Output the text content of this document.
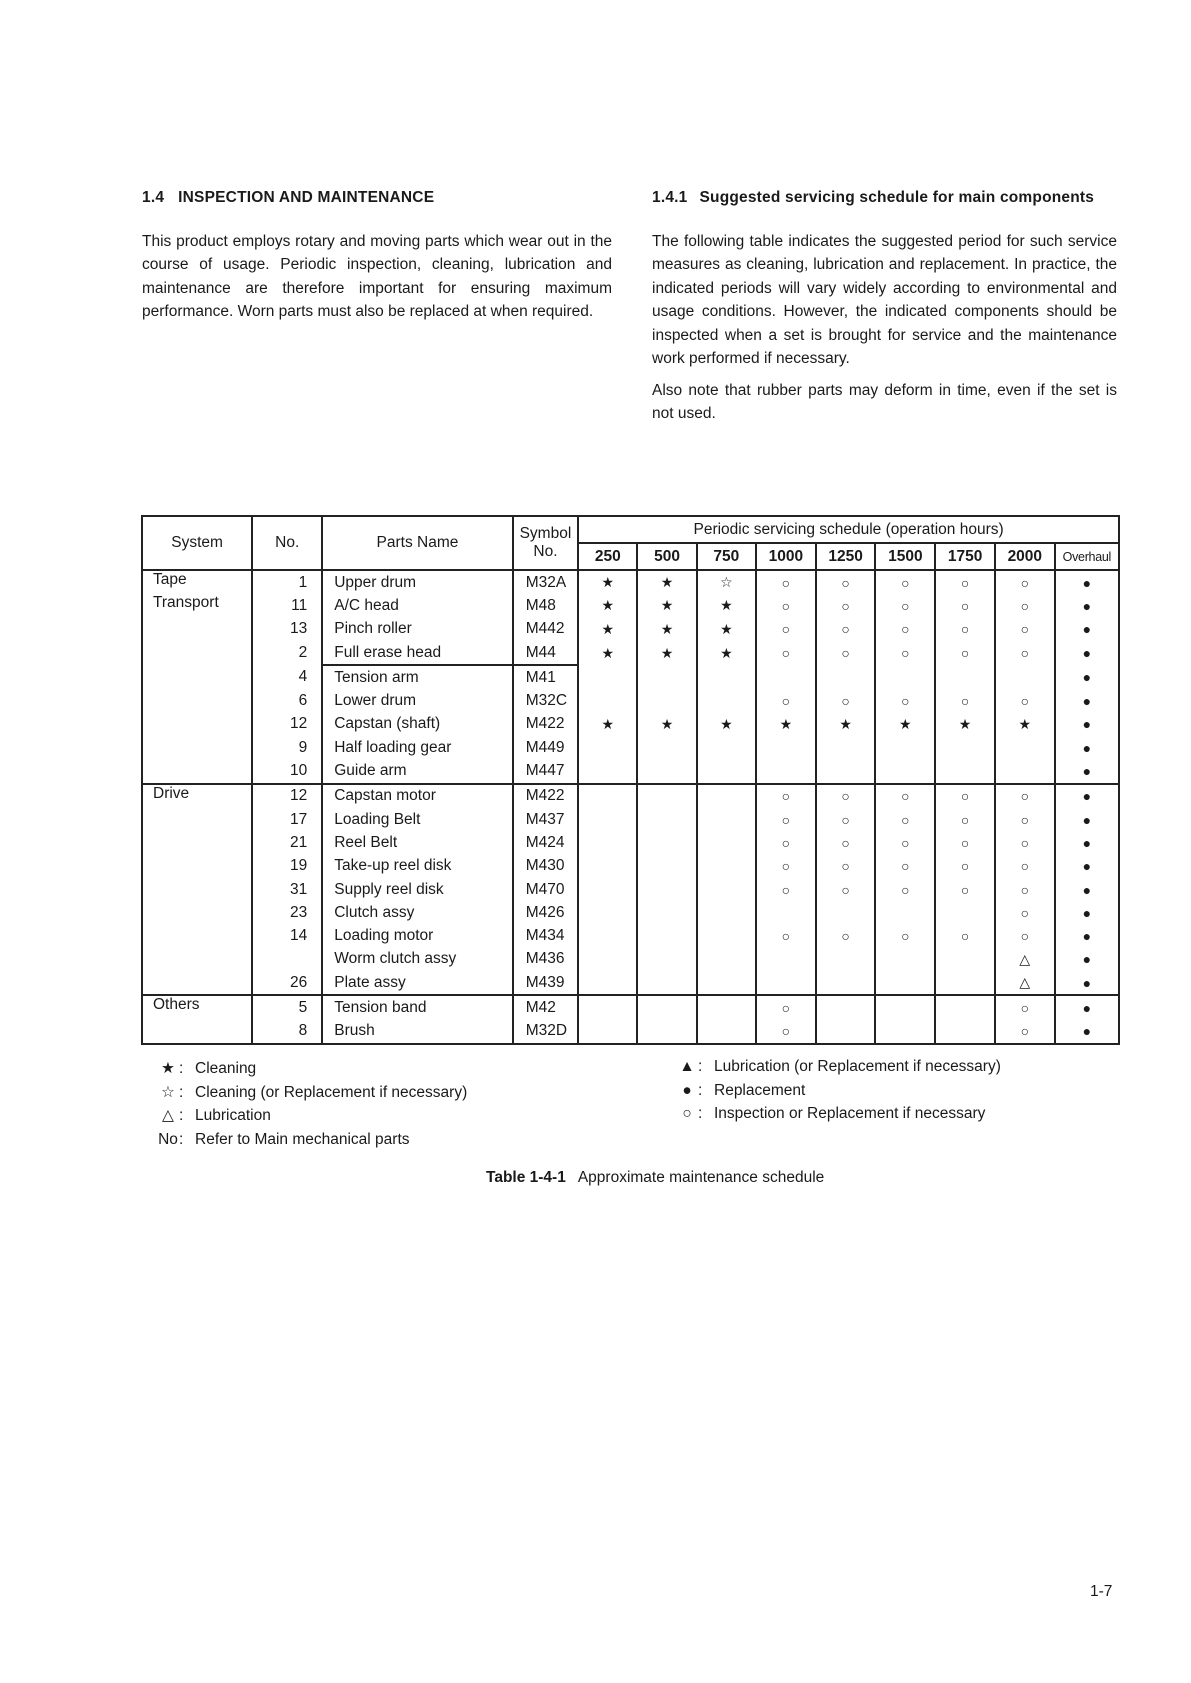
1.4 INSPECTION AND MAINTENANCE

This product employs rotary and moving parts which wear out in the course of usage. Periodic inspection, cleaning, lubrication and maintenance are therefore important for ensuring maximum performance. Worn parts must also be replaced at when required.

1.4.1 Suggested servicing schedule for main components

The following table indicates the suggested period for such service measures as cleaning, lubrication and replacement. In practice, the indicated periods will vary widely according to environmental and usage conditions. However, the indicated components should be inspected when a set is brought for service and the maintenance work performed if necessary.

Also note that rubber parts may deform in time, even if the set is not used.

System	No.	Parts Name	Symbol
No.	Periodic servicing schedule (operation hours)								
				250	500	750	1000	1250	1500	1750	2000	Overhaul
Tape	1	Upper drum	M32A	★	★	☆	○	○	○	○	○	●
Transport	11	A/C head	M48	★	★	★	○	○	○	○	○	●
	13	Pinch roller	M442	★	★	★	○	○	○	○	○	●
	2	Full erase head	M44	★	★	★	○	○	○	○	○	●
	4	Tension arm	M41									●
	6	Lower drum	M32C				○	○	○	○	○	●
	12	Capstan (shaft)	M422	★	★	★	★	★	★	★	★	●
	9	Half loading gear	M449									●
	10	Guide arm	M447									●
Drive	12	Capstan motor	M422				○	○	○	○	○	●
	17	Loading Belt	M437				○	○	○	○	○	●
	21	Reel Belt	M424				○	○	○	○	○	●
	19	Take-up reel disk	M430				○	○	○	○	○	●
	31	Supply reel disk	M470				○	○	○	○	○	●
	23	Clutch assy	M426								○	●
	14	Loading motor	M434				○	○	○	○	○	●
		Worm clutch assy	M436								△	●
	26	Plate assy	M439								△	●
Others	5	Tension band	M42				○				○	●
	8	Brush	M32D				○				○	●
★ : Cleaning
☆ : Cleaning (or Replacement if necessary)
△ : Lubrication
No: Refer to Main mechanical parts
▲ : Lubrication (or Replacement if necessary)
● : Replacement
○ : Inspection or Replacement if necessary
Table 1-4-1 Approximate maintenance schedule
1-7
